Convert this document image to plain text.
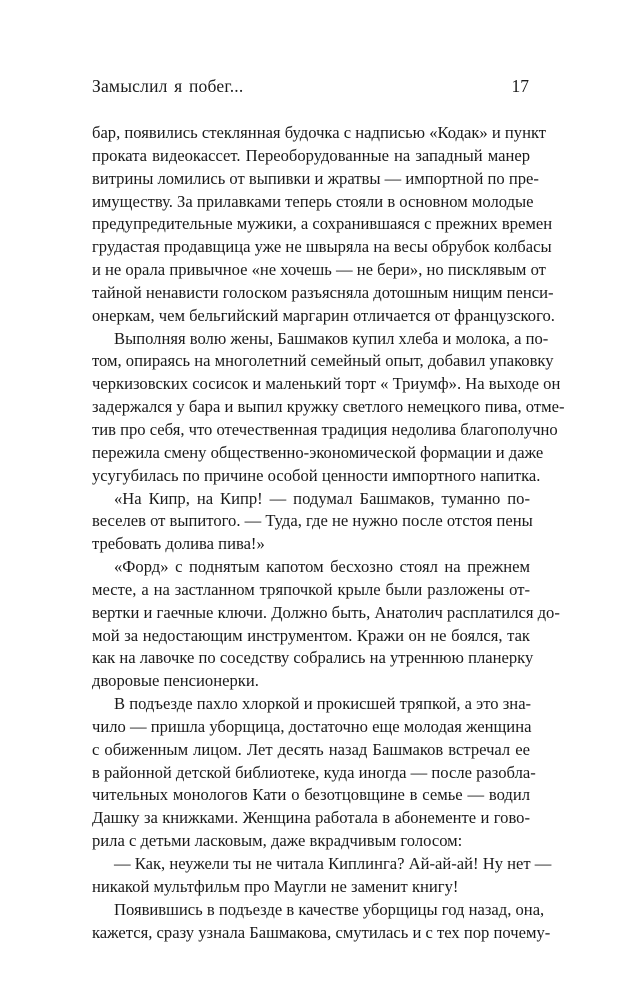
Замыслил я побег...	17
бар, появились стеклянная будочка с надписью «Кодак» и пункт
проката видеокассет. Переоборудованные на западный манер
витрины ломились от выпивки и жратвы — импортной по пре-
имуществу. За прилавками теперь стояли в основном молодые
предупредительные мужики, а сохранившаяся с прежних времен
грудастая продавщица уже не швыряла на весы обрубок колбасы
и не орала привычное «не хочешь — не бери», но писклявым от
тайной ненависти голоском разъясняла дотошным нищим пенси-
онеркам, чем бельгийский маргарин отличается от французского.
Выполняя волю жены, Башмаков купил хлеба и молока, а по-
том, опираясь на многолетний семейный опыт, добавил упаковку
черкизовских сосисок и маленький торт « Триумф». На выходе он
задержался у бара и выпил кружку светлого немецкого пива, отме-
тив про себя, что отечественная традиция недолива благополучно
пережила смену общественно-экономической формации и даже
усугубилась по причине особой ценности импортного напитка.
«На Кипр, на Кипр! — подумал Башмаков, туманно по-
веселев от выпитого. — Туда, где не нужно после отстоя пены
требовать долива пива!»
«Форд» с поднятым капотом бесхозно стоял на прежнем
месте, а на застланном тряпочкой крыле были разложены от-
вертки и гаечные ключи. Должно быть, Анатолич расплатился до-
мой за недостающим инструментом. Кражи он не боялся, так
как на лавочке по соседству собрались на утреннюю планерку
дворовые пенсионерки.
В подъезде пахло хлоркой и прокисшей тряпкой, а это зна-
чило — пришла уборщица, достаточно еще молодая женщина
с обиженным лицом. Лет десять назад Башмаков встречал ее
в районной детской библиотеке, куда иногда — после разобла-
чительных монологов Кати о безотцовщине в семье — водил
Дашку за книжками. Женщина работала в абонементе и гово-
рила с детьми ласковым, даже вкрадчивым голосом:
— Как, неужели ты не читала Киплинга? Ай-ай-ай! Ну нет —
никакой мультфильм про Маугли не заменит книгу!
Появившись в подъезде в качестве уборщицы год назад, она,
кажется, сразу узнала Башмакова, смутилась и с тех пор почему-
